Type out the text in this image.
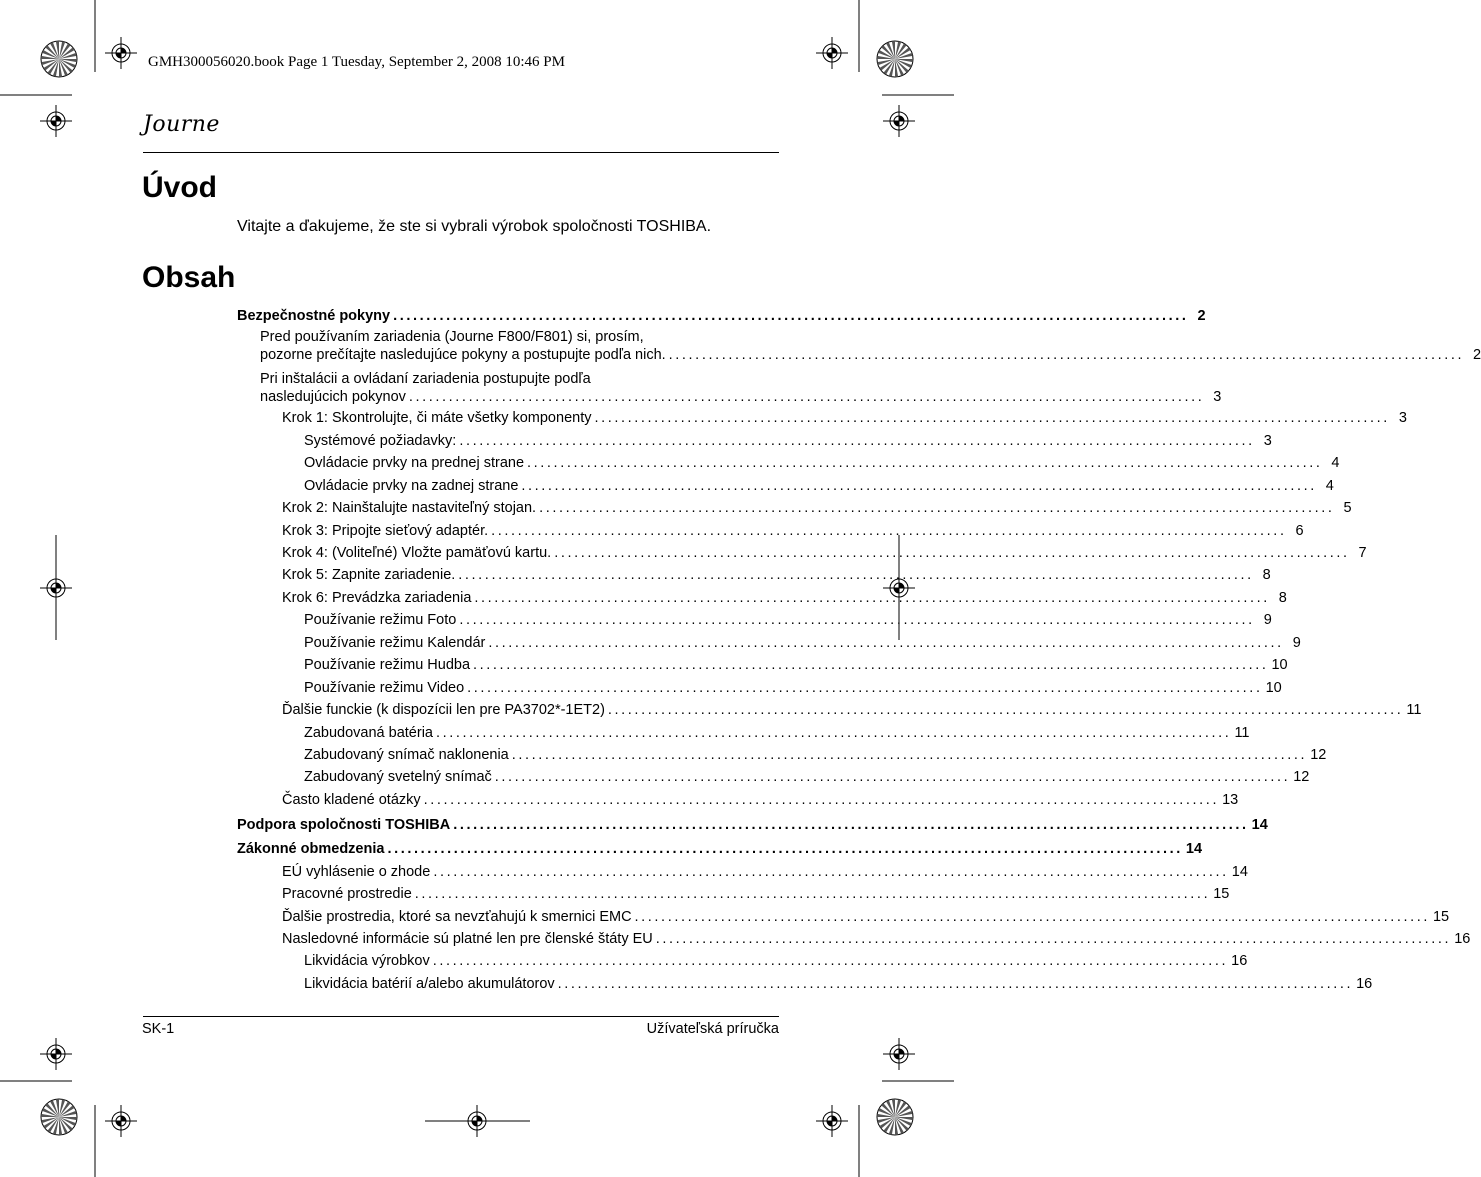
GMH300056020.book Page 1 Tuesday, September 2, 2008 10:46 PM
Journe
Úvod
Vitajte a ďakujeme, že ste si vybrali výrobok spoločnosti TOSHIBA.
Obsah
Bezpečnostné pokyny ........................................................................................................................ 2
Pred používaním zariadenia (Journe F800/F801) si, prosím,
pozorne prečítajte nasledujúce pokyny a postupujte podľa nich. ........................................................................................................................ 2
Pri inštalácii a ovládaní zariadenia postupujte podľa
nasledujúcich pokynov ........................................................................................................................ 3
Krok 1: Skontrolujte, či máte všetky komponenty ........................................................................................................................ 3
Systémové požiadavky: ........................................................................................................................ 3
Ovládacie prvky na prednej strane ........................................................................................................................ 4
Ovládacie prvky na zadnej strane ........................................................................................................................ 4
Krok 2: Nainštalujte nastaviteľný stojan. ........................................................................................................................ 5
Krok 3: Pripojte sieťový adaptér. ........................................................................................................................ 6
Krok 4: (Voliteľné) Vložte pamäťovú kartu. ........................................................................................................................ 7
Krok 5: Zapnite zariadenie. ........................................................................................................................ 8
Krok 6: Prevádzka zariadenia ........................................................................................................................ 8
Používanie režimu Foto ........................................................................................................................ 9
Používanie režimu Kalendár ........................................................................................................................ 9
Používanie režimu Hudba ........................................................................................................................ 10
Používanie režimu Video ........................................................................................................................ 10
Ďalšie funckie (k dispozícii len pre PA3702*-1ET2) ........................................................................................................................ 11
Zabudovaná batéria ........................................................................................................................ 11
Zabudovaný snímač naklonenia ........................................................................................................................ 12
Zabudovaný svetelný snímač ........................................................................................................................ 12
Často kladené otázky ........................................................................................................................ 13
Podpora spoločnosti TOSHIBA ........................................................................................................................ 14
Zákonné obmedzenia ........................................................................................................................ 14
EÚ vyhlásenie o zhode ........................................................................................................................ 14
Pracovné prostredie ........................................................................................................................ 15
Ďalšie prostredia, ktoré sa nevzťahujú k smernici EMC ........................................................................................................................ 15
Nasledovné informácie sú platné len pre členské štáty EU ........................................................................................................................ 16
Likvidácia výrobkov ........................................................................................................................ 16
Likvidácia batérií a/alebo akumulátorov ........................................................................................................................ 16
SK-1	Užívateľská príručka
